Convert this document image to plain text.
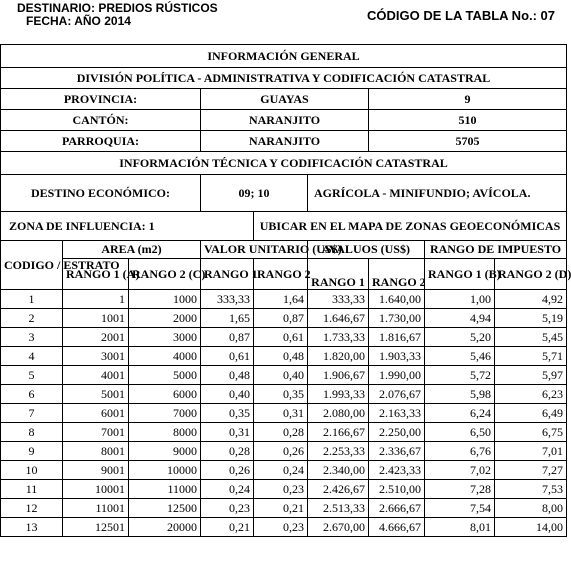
DESTINARIO: PREDIOS RÚSTICOS
FECHA: AÑO 2014	CÓDIGO DE LA TABLA No.: 07
INFORMACIÓN GENERAL								
DIVISIÓN POLÍTICA - ADMINISTRATIVA Y CODIFICACIÓN CATASTRAL								
PROVINCIA:			GUAYAS			9		
CANTÓN:			NARANJITO			510		
PARROQUIA:			NARANJITO			5705		
INFORMACIÓN TÉCNICA Y CODIFICACIÓN CATASTRAL								
DESTINO ECONÓMICO:			09; 10		AGRÍCOLA - MINIFUNDIO; AVÍCOLA.			
ZONA DE INFLUENCIA: 1				UBICAR EN EL MAPA DE ZONAS GEOECONÓMICAS				
CODIGO / ESTRATO	AREA (m2)		VALOR UNITARIO (US$)		AVALUOS (US$)		RANGO DE IMPUESTO	
	RANGO 1 (A)	RANGO 2 (C)	RANGO 1	RANGO 2	RANGO 1	RANGO 2	RANGO 1 (B)	RANGO 2 (D)
1	1	1000	333,33	1,64	333,33	1.640,00	1,00	4,92
2	1001	2000	1,65	0,87	1.646,67	1.730,00	4,94	5,19
3	2001	3000	0,87	0,61	1.733,33	1.816,67	5,20	5,45
4	3001	4000	0,61	0,48	1.820,00	1.903,33	5,46	5,71
5	4001	5000	0,48	0,40	1.906,67	1.990,00	5,72	5,97
6	5001	6000	0,40	0,35	1.993,33	2.076,67	5,98	6,23
7	6001	7000	0,35	0,31	2.080,00	2.163,33	6,24	6,49
8	7001	8000	0,31	0,28	2.166,67	2.250,00	6,50	6,75
9	8001	9000	0,28	0,26	2.253,33	2.336,67	6,76	7,01
10	9001	10000	0,26	0,24	2.340,00	2.423,33	7,02	7,27
11	10001	11000	0,24	0,23	2.426,67	2.510,00	7,28	7,53
12	11001	12500	0,23	0,21	2.513,33	2.666,67	7,54	8,00
13	12501	20000	0,21	0,23	2.670,00	4.666,67	8,01	14,00
